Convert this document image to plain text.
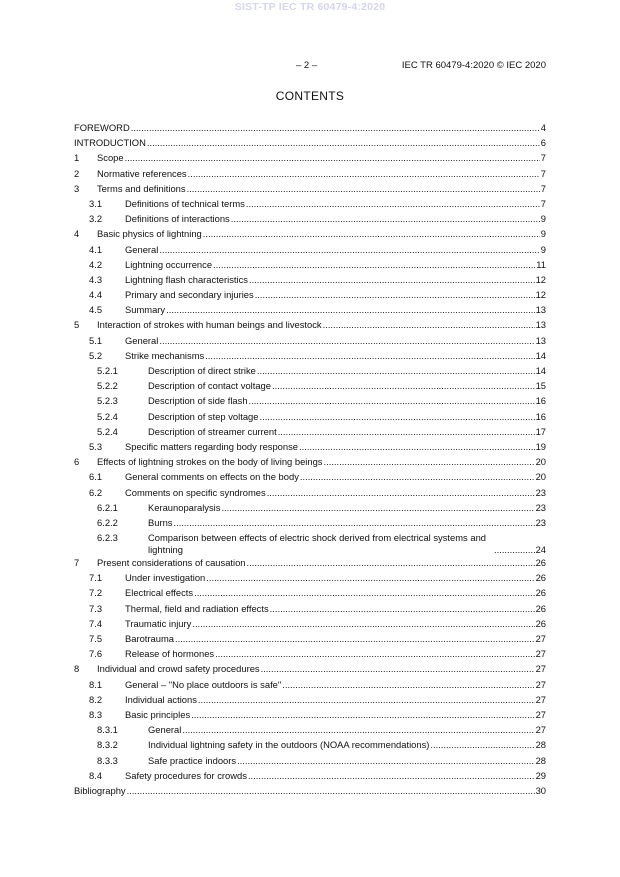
SIST-TP IEC TR 60479-4:2020
– 2 –	IEC TR 60479-4:2020 © IEC 2020
CONTENTS
FOREWORD .....	4
INTRODUCTION .....	6
1 Scope .....	7
2 Normative references .....	7
3 Terms and definitions .....	7
3.1 Definitions of technical terms .....	7
3.2 Definitions of interactions .....	9
4 Basic physics of lightning .....	9
4.1 General .....	9
4.2 Lightning occurrence .....	11
4.3 Lightning flash characteristics .....	12
4.4 Primary and secondary injuries .....	12
4.5 Summary .....	13
5 Interaction of strokes with human beings and livestock .....	13
5.1 General .....	13
5.2 Strike mechanisms .....	14
5.2.1	Description of direct strike .....	14
5.2.2	Description of contact voltage .....	15
5.2.3	Description of side flash .....	16
5.2.4	Description of step voltage .....	16
5.2.4	Description of streamer current .....	17
5.3 Specific matters regarding body response .....	19
6 Effects of lightning strokes on the body of living beings .....	20
6.1 General comments on effects on the body .....	20
6.2 Comments on specific syndromes .....	23
6.2.1	Keraunoparalysis .....	23
6.2.2	Burns .....	23
6.2.3	Comparison between effects of electric shock derived from electrical systems and lightning .....	24
7 Present considerations of causation .....	26
7.1 Under investigation .....	26
7.2 Electrical effects .....	26
7.3 Thermal, field and radiation effects .....	26
7.4 Traumatic injury .....	26
7.5 Barotrauma .....	27
7.6 Release of hormones .....	27
8 Individual and crowd safety procedures .....	27
8.1 General – "No place outdoors is safe" .....	27
8.2 Individual actions .....	27
8.3 Basic principles .....	27
8.3.1	General .....	27
8.3.2	Individual lightning safety in the outdoors (NOAA recommendations) .....	28
8.3.3	Safe practice indoors .....	28
8.4 Safety procedures for crowds .....	29
Bibliography .....	30
